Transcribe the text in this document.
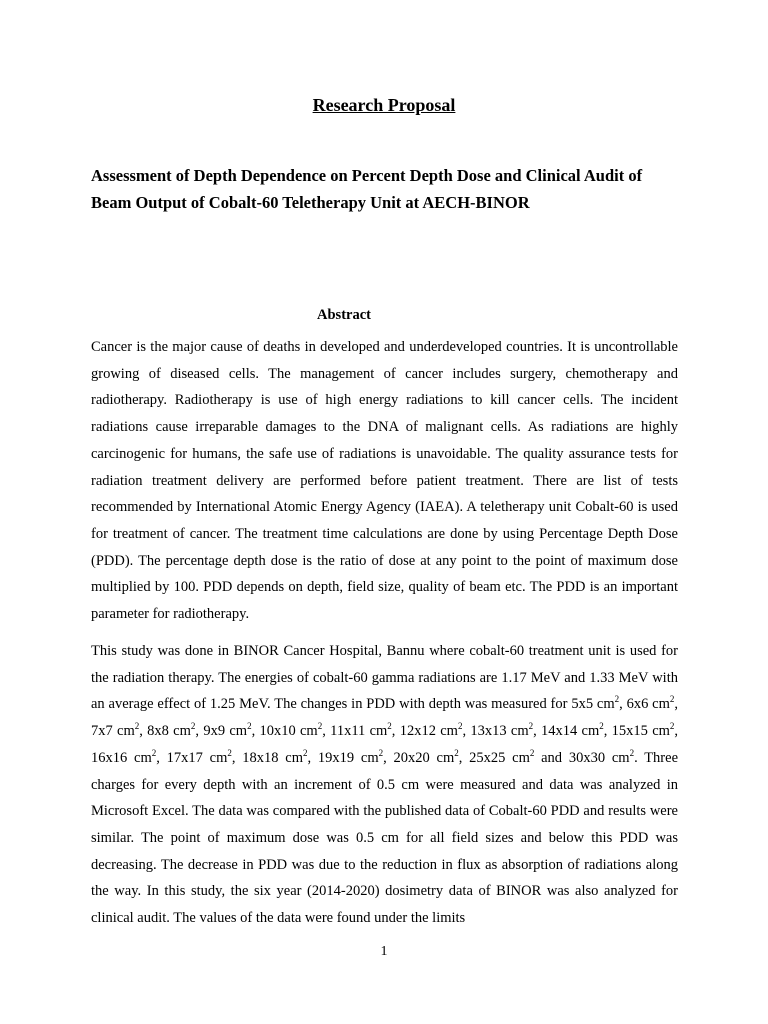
Research Proposal
Assessment of Depth Dependence on Percent Depth Dose and Clinical Audit of Beam Output of Cobalt-60 Teletherapy Unit at AECH-BINOR
Abstract

Cancer is the major cause of deaths in developed and underdeveloped countries. It is uncontrollable growing of diseased cells. The management of cancer includes surgery, chemotherapy and radiotherapy. Radiotherapy is use of high energy radiations to kill cancer cells. The incident radiations cause irreparable damages to the DNA of malignant cells. As radiations are highly carcinogenic for humans, the safe use of radiations is unavoidable. The quality assurance tests for radiation treatment delivery are performed before patient treatment. There are list of tests recommended by International Atomic Energy Agency (IAEA). A teletherapy unit Cobalt-60 is used for treatment of cancer. The treatment time calculations are done by using Percentage Depth Dose (PDD). The percentage depth dose is the ratio of dose at any point to the point of maximum dose multiplied by 100. PDD depends on depth, field size, quality of beam etc. The PDD is an important parameter for radiotherapy.

This study was done in BINOR Cancer Hospital, Bannu where cobalt-60 treatment unit is used for the radiation therapy. The energies of cobalt-60 gamma radiations are 1.17 MeV and 1.33 MeV with an average effect of 1.25 MeV. The changes in PDD with depth was measured for 5x5 $cm^2$, 6x6 $cm^2$, 7x7 $cm^2$, 8x8 $cm^2$, 9x9 $cm^2$, 10x10 $cm^2$, 11x11 $cm^2$, 12x12 $cm^2$, 13x13 $cm^2$, 14x14 $cm^2$, 15x15 $cm^2$, 16x16 $cm^2$, 17x17 $cm^2$, 18x18 $cm^2$, 19x19 $cm^2$, 20x20 $cm^2$, 25x25 $cm^2$ and 30x30 $cm^2$. Three charges for every depth with an increment of 0.5 cm were measured and data was analyzed in Microsoft Excel. The data was compared with the published data of Cobalt-60 PDD and results were similar. The point of maximum dose was 0.5 cm for all field sizes and below this PDD was decreasing. The decrease in PDD was due to the reduction in flux as absorption of radiations along the way. In this study, the six year (2014-2020) dosimetry data of BINOR was also analyzed for clinical audit. The values of the data were found under the limits

1
